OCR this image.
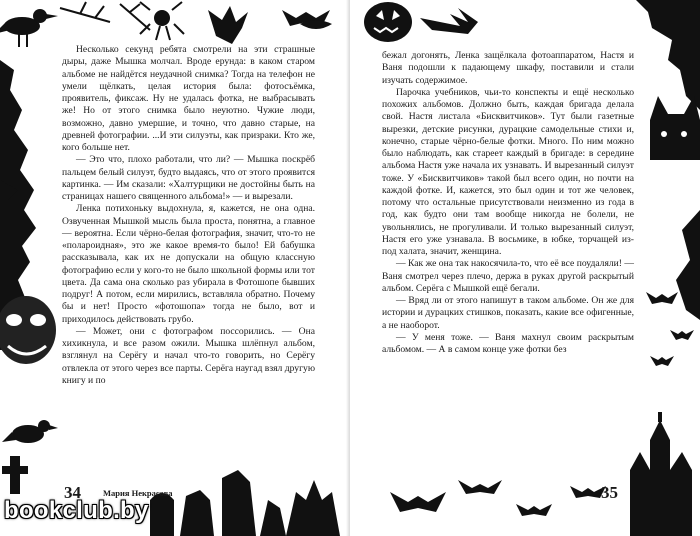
Несколько секунд ребята смотрели на эти страшные дыры, даже Мышка молчал. Вроде ерунда: в каком старом альбоме не найдётся неудачной снимка? Тогда на телефон не умели щёлкать, целая история была: фотосъёмка, проявитель, фиксаж. Ну не удалась фотка, не выбрасывать же! Но от этого снимка было неуютно. Чужие люди, возможно, давно умершие, и точно, что давно старые, на древней фотографии. ...И эти силуэты, как призраки. Кто же, кого больше нет.

— Это что, плохо работали, что ли? — Мышка поскрёб пальцем белый силуэт, будто выдаясь, что от этого проявится картинка. — Им сказали: «Халтурщики не достойны быть на страницах нашего священного альбома!» — и вырезали.

Ленка потихоньку выдохнула, я, кажется, не она одна. Озвученная Мышкой мысль была проста, понятна, а главное — вероятна. Если чёрно-белая фотография, значит, что-то не «полароидная», это же какое время-то было! Ей бабушка рассказывала, как их не допускали на общую классную фотографию если у кого-то не было школьной формы или тот цвета. Да сама она сколько раз убирала в Фотошопе бывших подруг! А потом, если мирились, вставляла обратно. Почему бы и нет! Просто «фотошопа» тогда не было, вот и приходилось действовать грубо.

— Может, они с фотографом поссорились. — Она хихикнула, и все разом ожили. Мышка шлёпнул альбом, взглянул на Серёгу и начал что-то говорить, но Серёгу отвлекла от этого через все парты. Серёга наугад взял другую книгу и по

34	Мария Некрасова

бежал догонять, Ленка защёлкала фотоаппаратом, Настя и Ваня подошли к падающему шкафу, поставили и стали изучать содержимое.

Парочка учебников, чьи-то конспекты и ещё несколько похожих альбомов. Должно быть, каждая бригада делала свой. Настя листала «Бисквитчиков». Тут были газетные вырезки, детские рисунки, дурацкие самодельные стихи и, конечно, старые чёрно-белые фотки. Много. По ним можно было наблюдать, как стареет каждый в бригаде: в середине альбома Настя уже начала их узнавать. И вырезанный силуэт тоже. У «Бисквитчиков» такой был всего один, но почти на каждой фотке. И, кажется, это был один и тот же человек, потому что остальные присутствовали неизменно из года в год, как будто они там вообще никогда не болели, не увольнялись, не прогуливали. И только вырезанный силуэт, Настя его уже узнавала. В восьмике, в юбке, торчащей из-под халата, значит, женщина.

— Как же она так накосячила-то, что её все поудаляли! — Ваня смотрел через плечо, держа в руках другой раскрытый альбом. Серёга с Мышкой ещё бегали.

— Вряд ли от этого напишут в таком альбоме. Он же для истории и дурацких стишков, показать, какие все офигенные, а не наоборот.

— У меня тоже. — Ваня махнул своим раскрытым альбомом. — А в самом конце уже фотки без

35
bookclub.by
